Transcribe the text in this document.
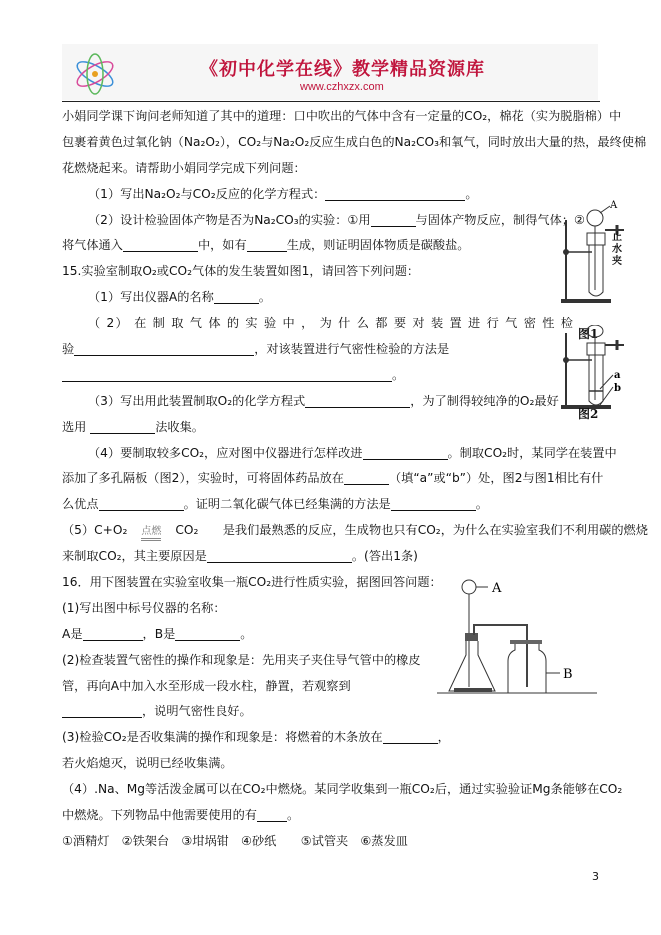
《初中化学在线》教学精品资源库
www.czhxzx.com
小娟同学课下询问老师知道了其中的道理：口中吹出的气体中含有一定量的CO₂，棉花（实为脱脂棉）中
包裹着黄色过氧化钠（Na₂O₂），CO₂与Na₂O₂反应生成白色的Na₂CO₃和氧气，同时放出大量的热，最终使棉
花燃烧起来。请帮助小娟同学完成下列问题：
（1）写出Na₂O₂与CO₂反应的化学方程式：	。
（2）设计检验固体产物是否为Na₂CO₃的实验：①用	与固体产物反应，制得气体；②
将气体通入	中，如有	生成，则证明固体物质是碳酸盐。
15.实验室制取O₂或CO₂气体的发生装置如图1，请回答下列问题：
（1）写出仪器A的名称	。
（ 2） 在 制 取 气 体 的 实 验 中 ， 为 什 么 都 要 对 装 置 进 行 气 密 性 检
验	，对该装置进行气密性检验的方法是
。
（3）写出用此装置制取O₂的化学方程式	，为了制得较纯净的O₂最好
选用	法收集。
（4）要制取较多CO₂，应对图中仪器进行怎样改进	。制取CO₂时，某同学在装置中
添加了多孔隔板（图2），实验时，可将固体药品放在	（填“a”或“b”）处，图2与图1相比有什
么优点	。证明二氧化碳气体已经集满的方法是	。
（5）C+O₂ 点燃 CO₂　　是我们最熟悉的反应，生成物也只有CO₂，为什么在实验室我们不利用碳的燃烧
来制取CO₂，其主要原因是	。(答出1条)
16．用下图装置在实验室收集一瓶CO₂进行性质实验，据图回答问题：
(1)写出图中标号仪器的名称：
A是	，B是	。
(2)检查装置气密性的操作和现象是：先用夹子夹住导气管中的橡皮
管，再向A中加入水至形成一段水柱，静置，若观察到
，说明气密性良好。
(3)检验CO₂是否收集满的操作和现象是：将燃着的木条放在	，
若火焰熄灭，说明已经收集满。
（4）.Na、Mg等活泼金属可以在CO₂中燃烧。某同学收集到一瓶CO₂后，通过实验验证Mg条能够在CO₂
中燃烧。下列物品中他需要使用的有 。
①酒精灯　②铁架台　③坩埚钳　④砂纸　　⑤试管夹　⑥蒸发皿
A
止水夹
图1
a
b
图2
A
B
3
